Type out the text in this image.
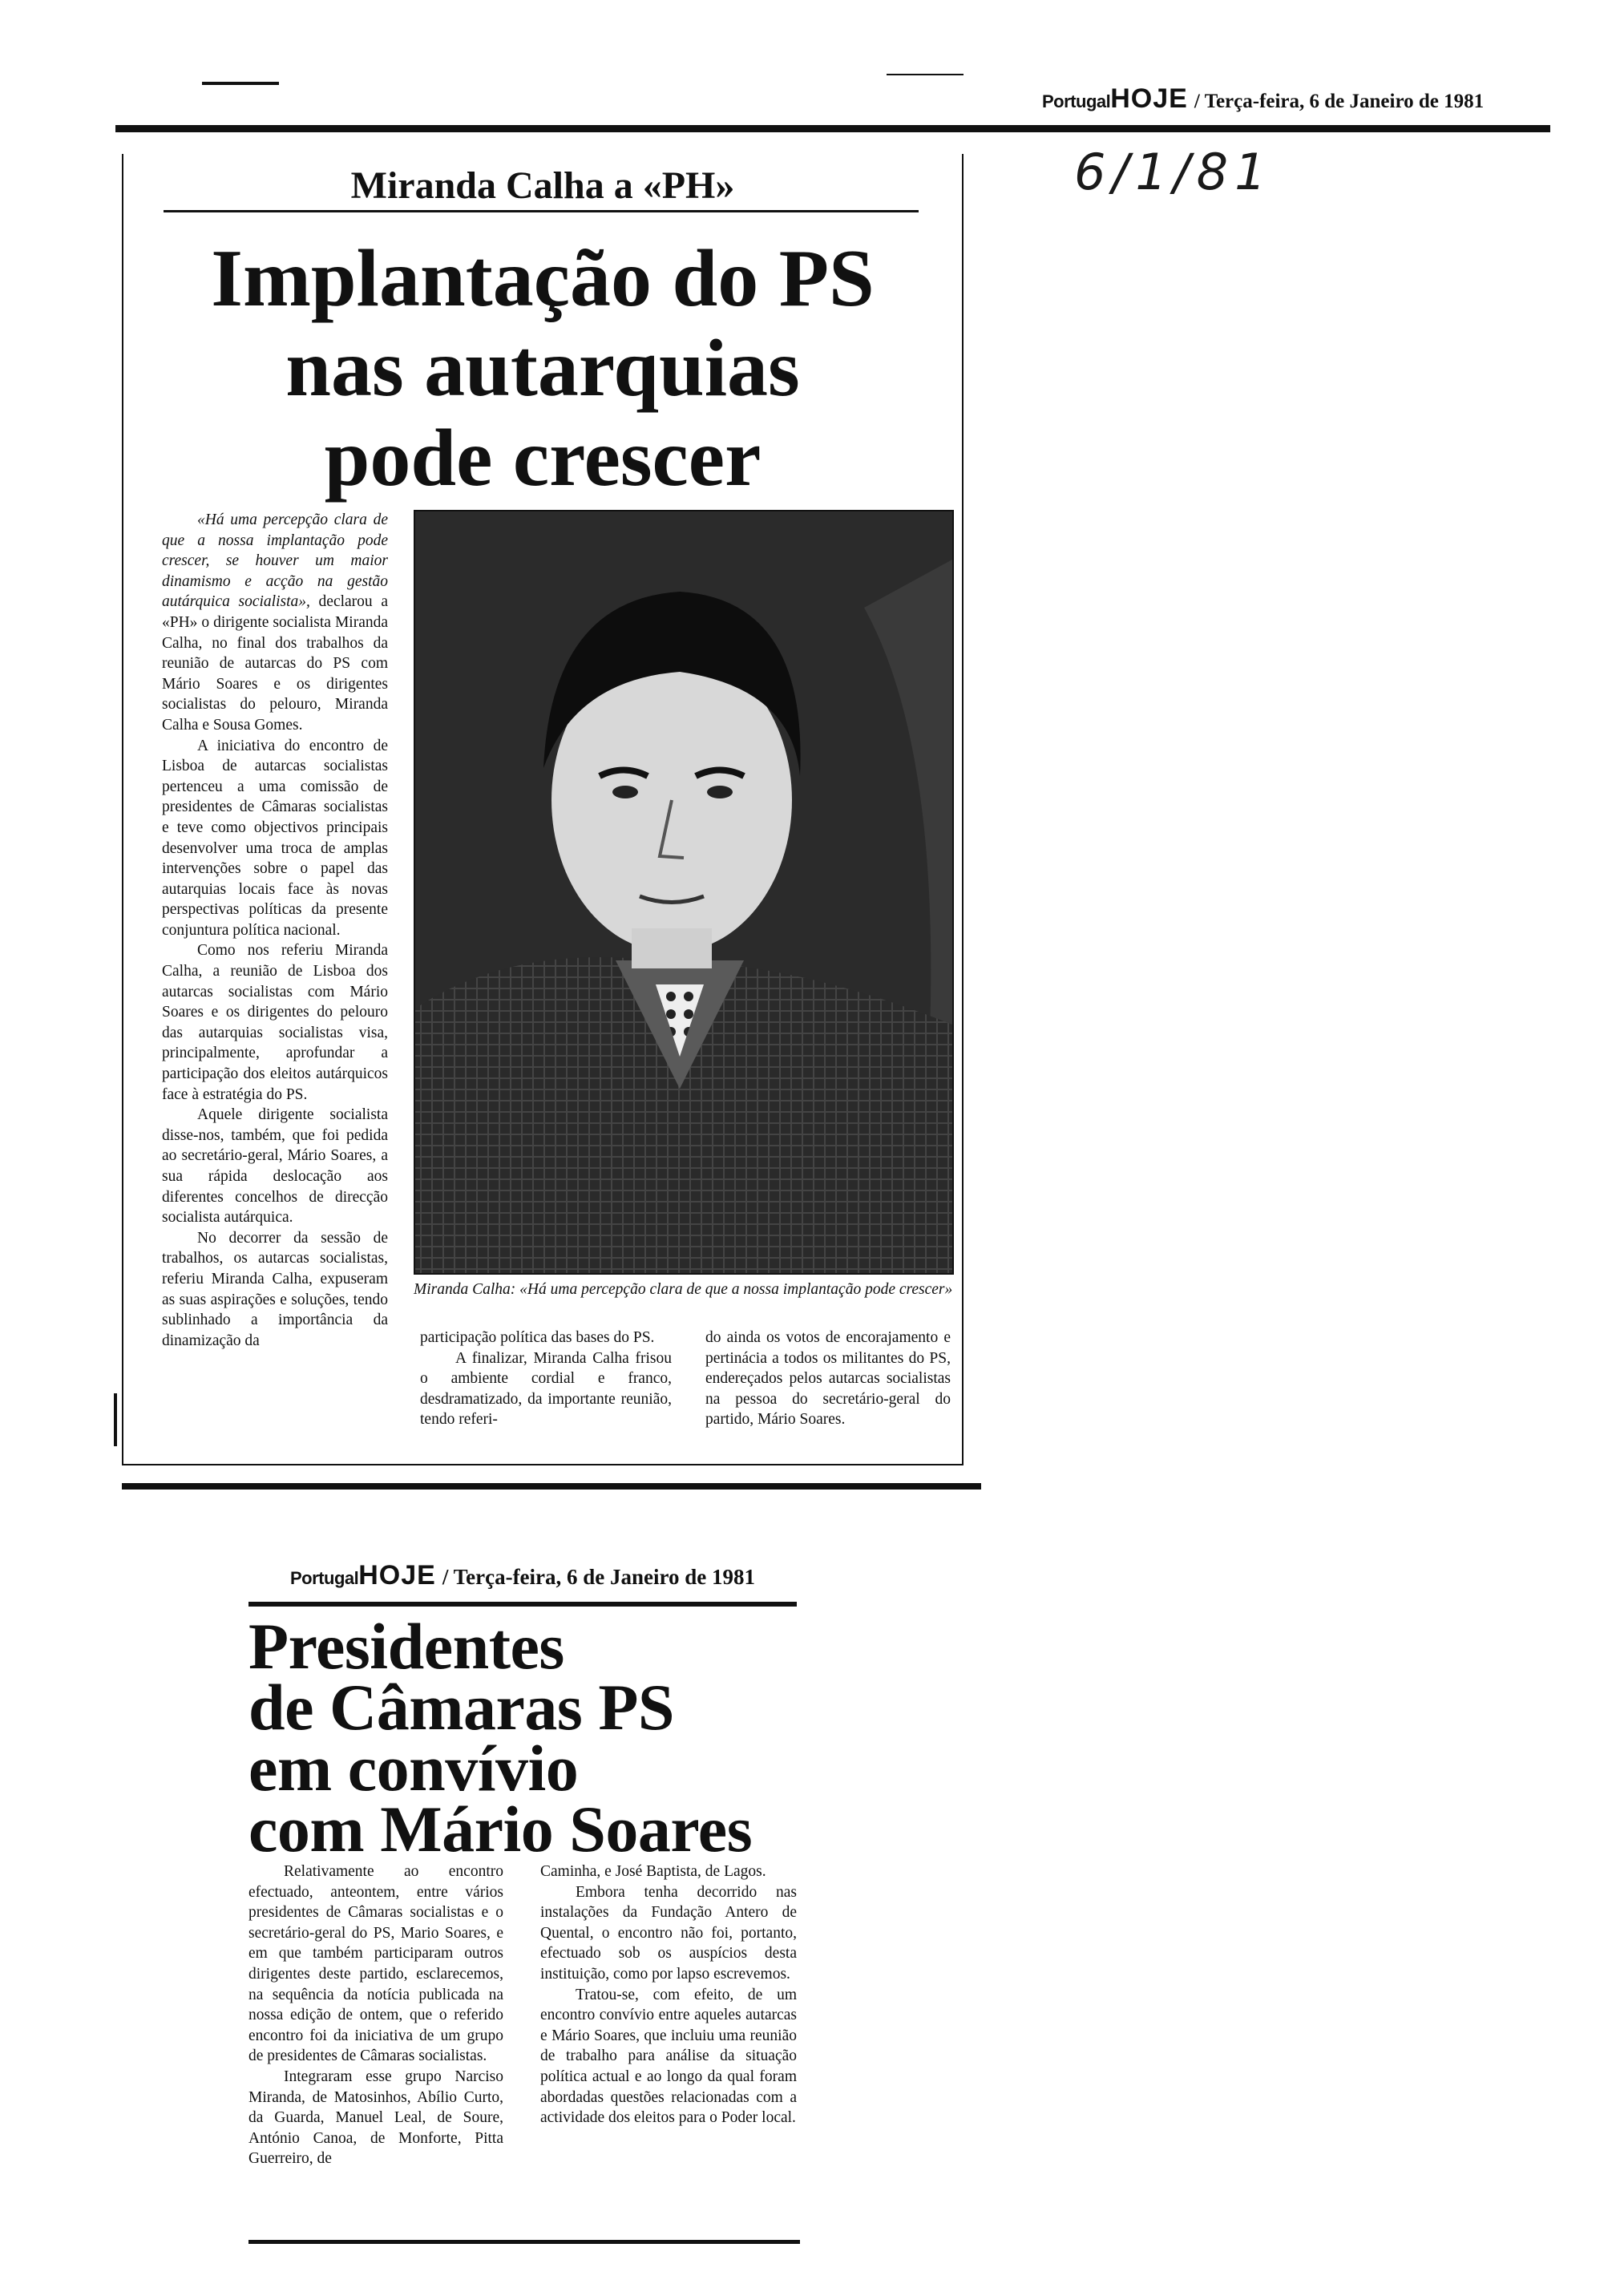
Portugal HOJE / Terça-feira, 6 de Janeiro de 1981
6/1/81
Miranda Calha a «PH»
Implantação do PS
nas autarquias
pode crescer

«Há uma percepção clara de que a nossa implantação pode crescer, se houver um maior dinamismo e acção na gestão autárquica socialista», declarou a «PH» o dirigente socialista Miranda Calha, no final dos trabalhos da reunião de autarcas do PS com Mário Soares e os dirigentes socialistas do pelouro, Miranda Calha e Sousa Gomes.

A iniciativa do encontro de Lisboa de autarcas socialistas pertenceu a uma comissão de presidentes de Câmaras socialistas e teve como objectivos principais desenvolver uma troca de amplas intervenções sobre o papel das autarquias locais face às novas perspectivas políticas da presente conjuntura política nacional.

Como nos referiu Miranda Calha, a reunião de Lisboa dos autarcas socialistas com Mário Soares e os dirigentes do pelouro das autarquias socialistas visa, principalmente, aprofundar a participação dos eleitos autárquicos face à estratégia do PS.

Aquele dirigente socialista disse-nos, também, que foi pedida ao secretário-geral, Mário Soares, a sua rápida deslocação aos diferentes concelhos de direcção socialista autárquica.

No decorrer da sessão de trabalhos, os autarcas socialistas, referiu Miranda Calha, expuseram as suas aspirações e soluções, tendo sublinhado a importância da dinamização da

Miranda Calha: «Há uma percepção clara de que a nossa implantação pode crescer»

participação política das bases do PS.

A finalizar, Miranda Calha frisou o ambiente cordial e franco, desdramatizado, da importante reunião, tendo referi-

do ainda os votos de encorajamento e pertinácia a todos os militantes do PS, endereçados pelos autarcas socialistas na pessoa do secretário-geral do partido, Mário Soares.

Portugal HOJE / Terça-feira, 6 de Janeiro de 1981
Presidentes
de Câmaras PS
em convívio
com Mário Soares

Relativamente ao encontro efectuado, anteontem, entre vários presidentes de Câmaras socialistas e o secretário-geral do PS, Mario Soares, e em que também participaram outros dirigentes deste partido, esclarecemos, na sequência da notícia publicada na nossa edição de ontem, que o referido encontro foi da iniciativa de um grupo de presidentes de Câmaras socialistas.

Integraram esse grupo Narciso Miranda, de Matosinhos, Abílio Curto, da Guarda, Manuel Leal, de Soure, António Canoa, de Monforte, Pitta Guerreiro, de

Caminha, e José Baptista, de Lagos.

Embora tenha decorrido nas instalações da Fundação Antero de Quental, o encontro não foi, portanto, efectuado sob os auspícios desta instituição, como por lapso escrevemos.

Tratou-se, com efeito, de um encontro convívio entre aqueles autarcas e Mário Soares, que incluiu uma reunião de trabalho para análise da situação política actual e ao longo da qual foram abordadas questões relacionadas com a actividade dos eleitos para o Poder local.
